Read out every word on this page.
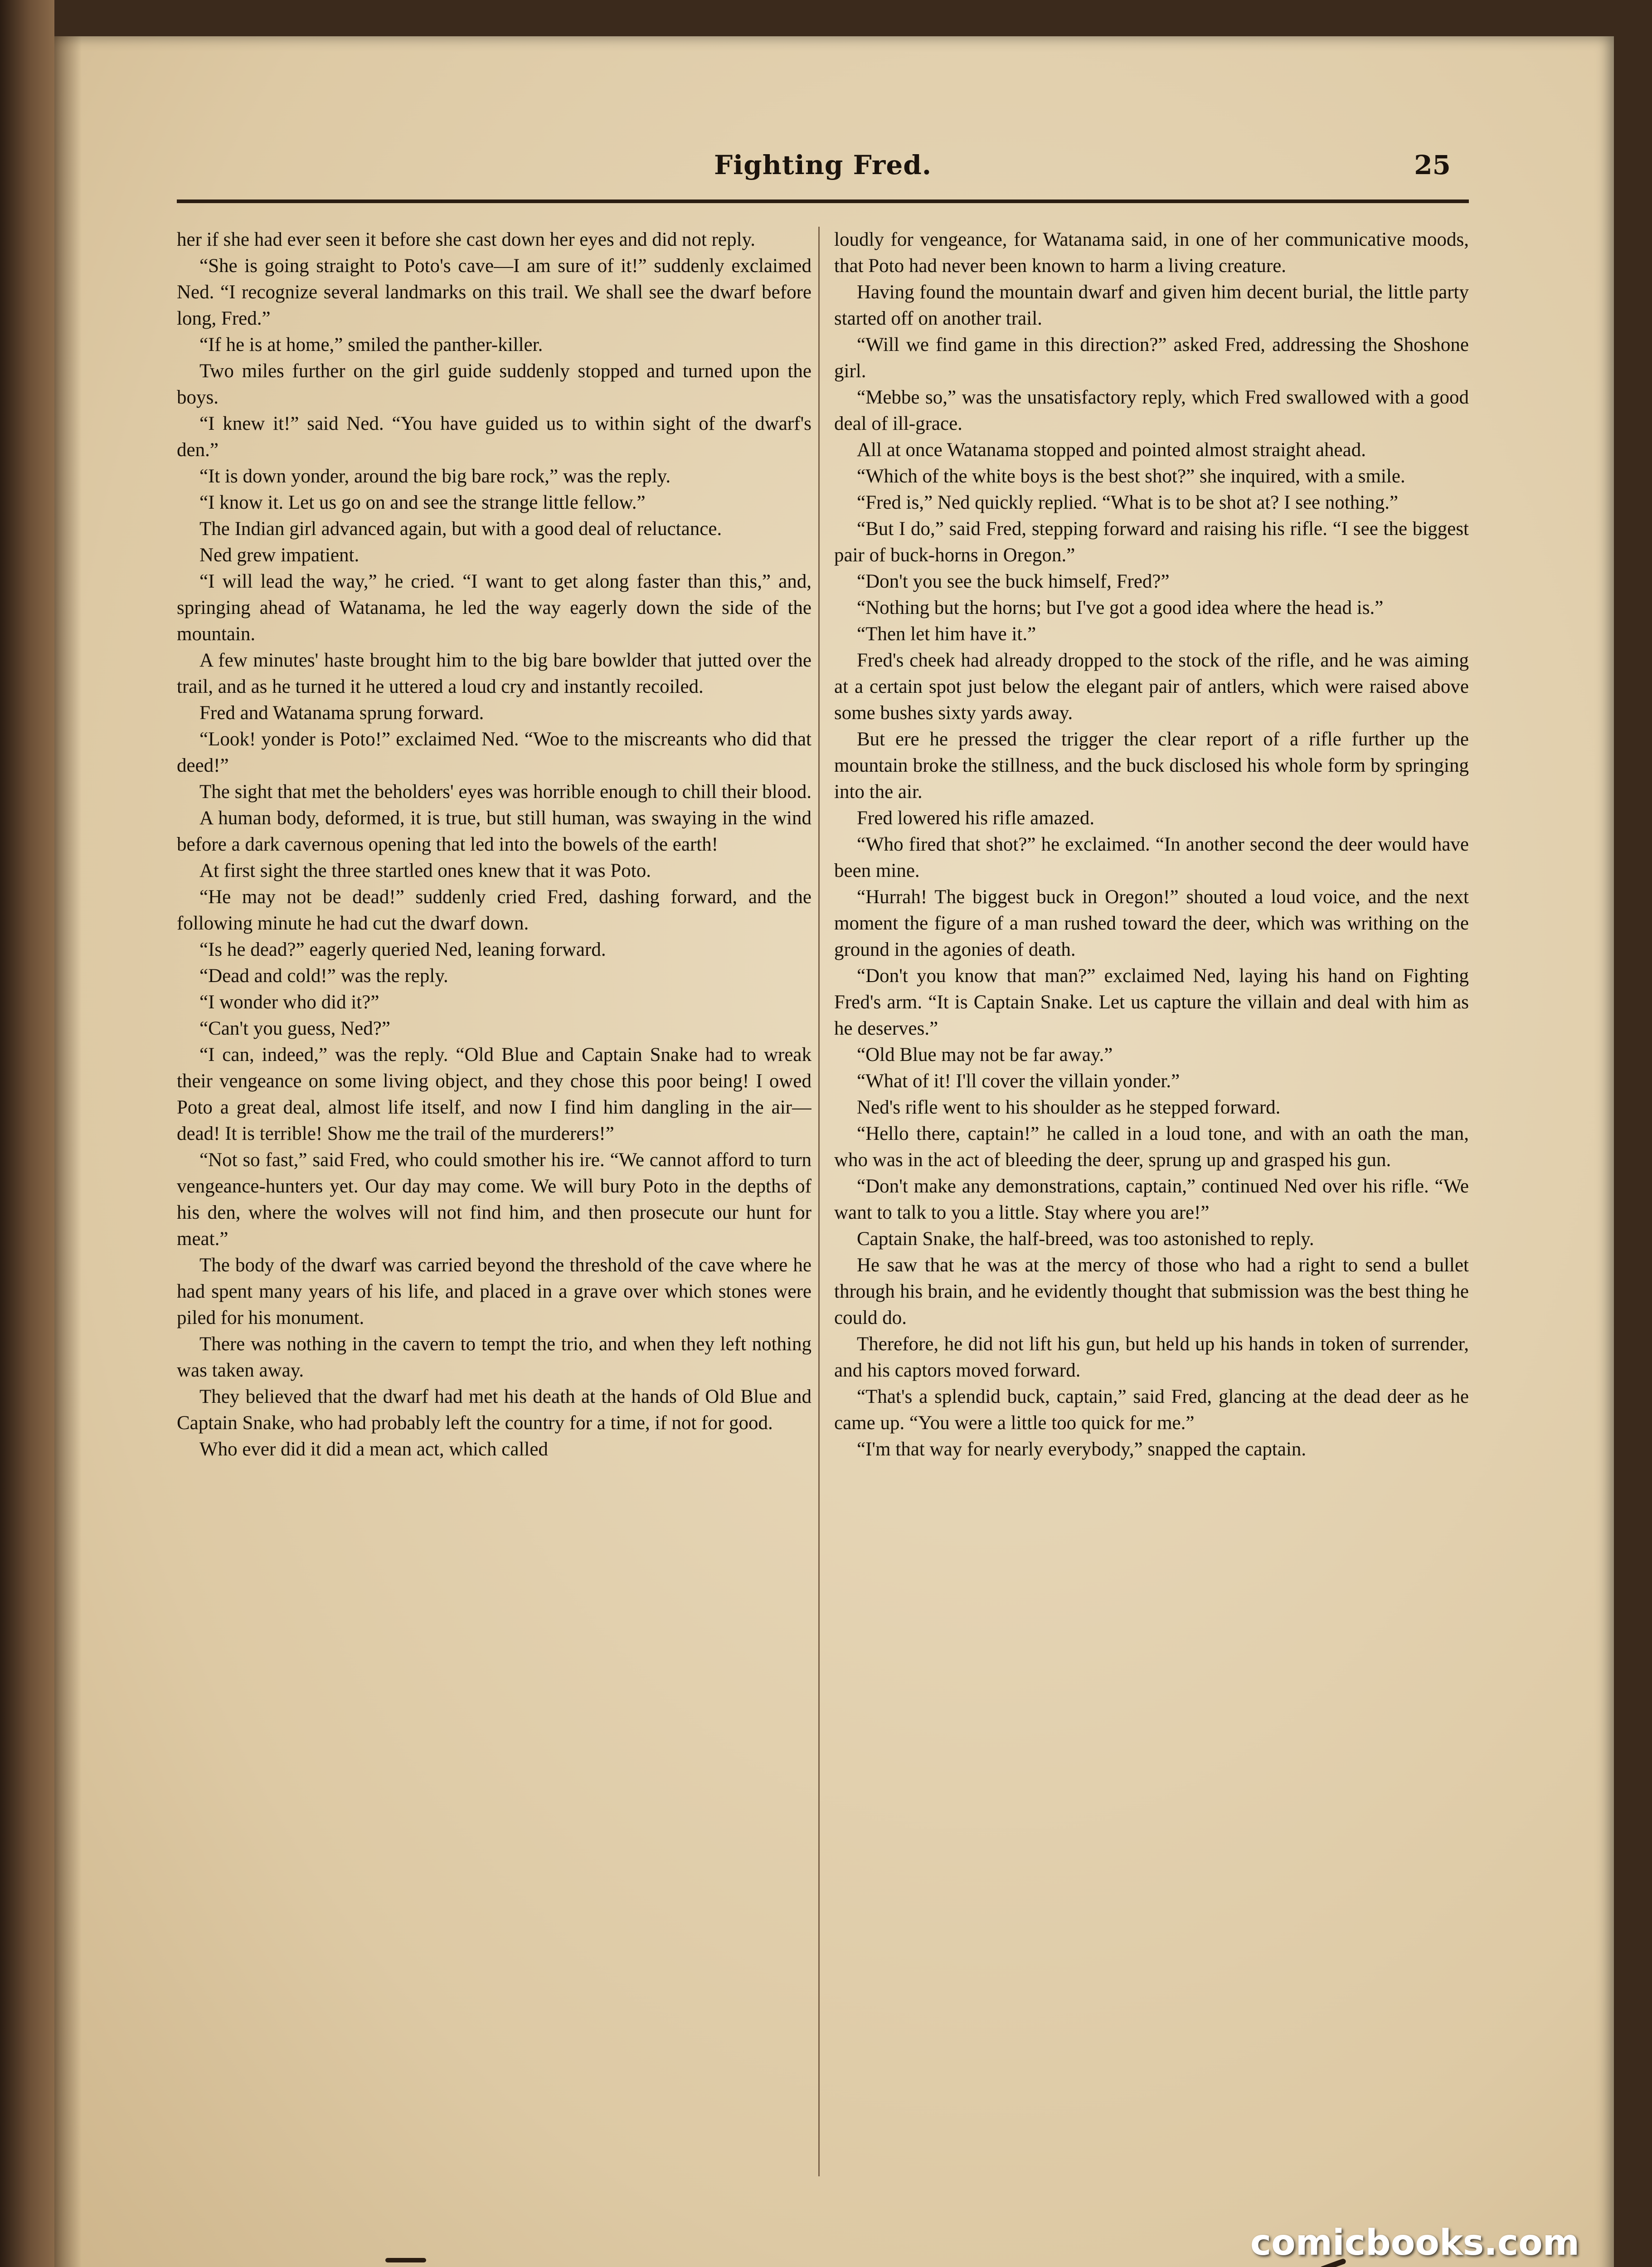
Fighting Fred.	25

her if she had ever seen it before she cast down her eyes and did not reply.

“She is going straight to Poto's cave—I am sure of it!” suddenly exclaimed Ned. “I recognize several landmarks on this trail. We shall see the dwarf before long, Fred.”

“If he is at home,” smiled the panther-killer.

Two miles further on the girl guide suddenly stopped and turned upon the boys.

“I knew it!” said Ned. “You have guided us to within sight of the dwarf's den.”

“It is down yonder, around the big bare rock,” was the reply.

“I know it. Let us go on and see the strange little fellow.”

The Indian girl advanced again, but with a good deal of reluctance.

Ned grew impatient.

“I will lead the way,” he cried. “I want to get along faster than this,” and, springing ahead of Watanama, he led the way eagerly down the side of the mountain.

A few minutes' haste brought him to the big bare bowlder that jutted over the trail, and as he turned it he uttered a loud cry and instantly recoiled.

Fred and Watanama sprung forward.

“Look! yonder is Poto!” exclaimed Ned. “Woe to the miscreants who did that deed!”

The sight that met the beholders' eyes was horrible enough to chill their blood.

A human body, deformed, it is true, but still human, was swaying in the wind before a dark cavernous opening that led into the bowels of the earth!

At first sight the three startled ones knew that it was Poto.

“He may not be dead!” suddenly cried Fred, dashing forward, and the following minute he had cut the dwarf down.

“Is he dead?” eagerly queried Ned, leaning forward.

“Dead and cold!” was the reply.

“I wonder who did it?”

“Can't you guess, Ned?”

“I can, indeed,” was the reply. “Old Blue and Captain Snake had to wreak their vengeance on some living object, and they chose this poor being! I owed Poto a great deal, almost life itself, and now I find him dangling in the air—dead! It is terrible! Show me the trail of the murderers!”

“Not so fast,” said Fred, who could smother his ire. “We cannot afford to turn vengeance-hunters yet. Our day may come. We will bury Poto in the depths of his den, where the wolves will not find him, and then prosecute our hunt for meat.”

The body of the dwarf was carried beyond the threshold of the cave where he had spent many years of his life, and placed in a grave over which stones were piled for his monument.

There was nothing in the cavern to tempt the trio, and when they left nothing was taken away.

They believed that the dwarf had met his death at the hands of Old Blue and Captain Snake, who had probably left the country for a time, if not for good.

Who ever did it did a mean act, which called

loudly for vengeance, for Watanama said, in one of her communicative moods, that Poto had never been known to harm a living creature.

Having found the mountain dwarf and given him decent burial, the little party started off on another trail.

“Will we find game in this direction?” asked Fred, addressing the Shoshone girl.

“Mebbe so,” was the unsatisfactory reply, which Fred swallowed with a good deal of ill-grace.

All at once Watanama stopped and pointed almost straight ahead.

“Which of the white boys is the best shot?” she inquired, with a smile.

“Fred is,” Ned quickly replied. “What is to be shot at? I see nothing.”

“But I do,” said Fred, stepping forward and raising his rifle. “I see the biggest pair of buck-horns in Oregon.”

“Don't you see the buck himself, Fred?”

“Nothing but the horns; but I've got a good idea where the head is.”

“Then let him have it.”

Fred's cheek had already dropped to the stock of the rifle, and he was aiming at a certain spot just below the elegant pair of antlers, which were raised above some bushes sixty yards away.

But ere he pressed the trigger the clear report of a rifle further up the mountain broke the stillness, and the buck disclosed his whole form by springing into the air.

Fred lowered his rifle amazed.

“Who fired that shot?” he exclaimed. “In another second the deer would have been mine.

“Hurrah! The biggest buck in Oregon!” shouted a loud voice, and the next moment the figure of a man rushed toward the deer, which was writhing on the ground in the agonies of death.

“Don't you know that man?” exclaimed Ned, laying his hand on Fighting Fred's arm. “It is Captain Snake. Let us capture the villain and deal with him as he deserves.”

“Old Blue may not be far away.”

“What of it! I'll cover the villain yonder.”

Ned's rifle went to his shoulder as he stepped forward.

“Hello there, captain!” he called in a loud tone, and with an oath the man, who was in the act of bleeding the deer, sprung up and grasped his gun.

“Don't make any demonstrations, captain,” continued Ned over his rifle. “We want to talk to you a little. Stay where you are!”

Captain Snake, the half-breed, was too astonished to reply.

He saw that he was at the mercy of those who had a right to send a bullet through his brain, and he evidently thought that submission was the best thing he could do.

Therefore, he did not lift his gun, but held up his hands in token of surrender, and his captors moved forward.

“That's a splendid buck, captain,” said Fred, glancing at the dead deer as he came up. “You were a little too quick for me.”

“I'm that way for nearly everybody,” snapped the captain.

comicbooks.com
